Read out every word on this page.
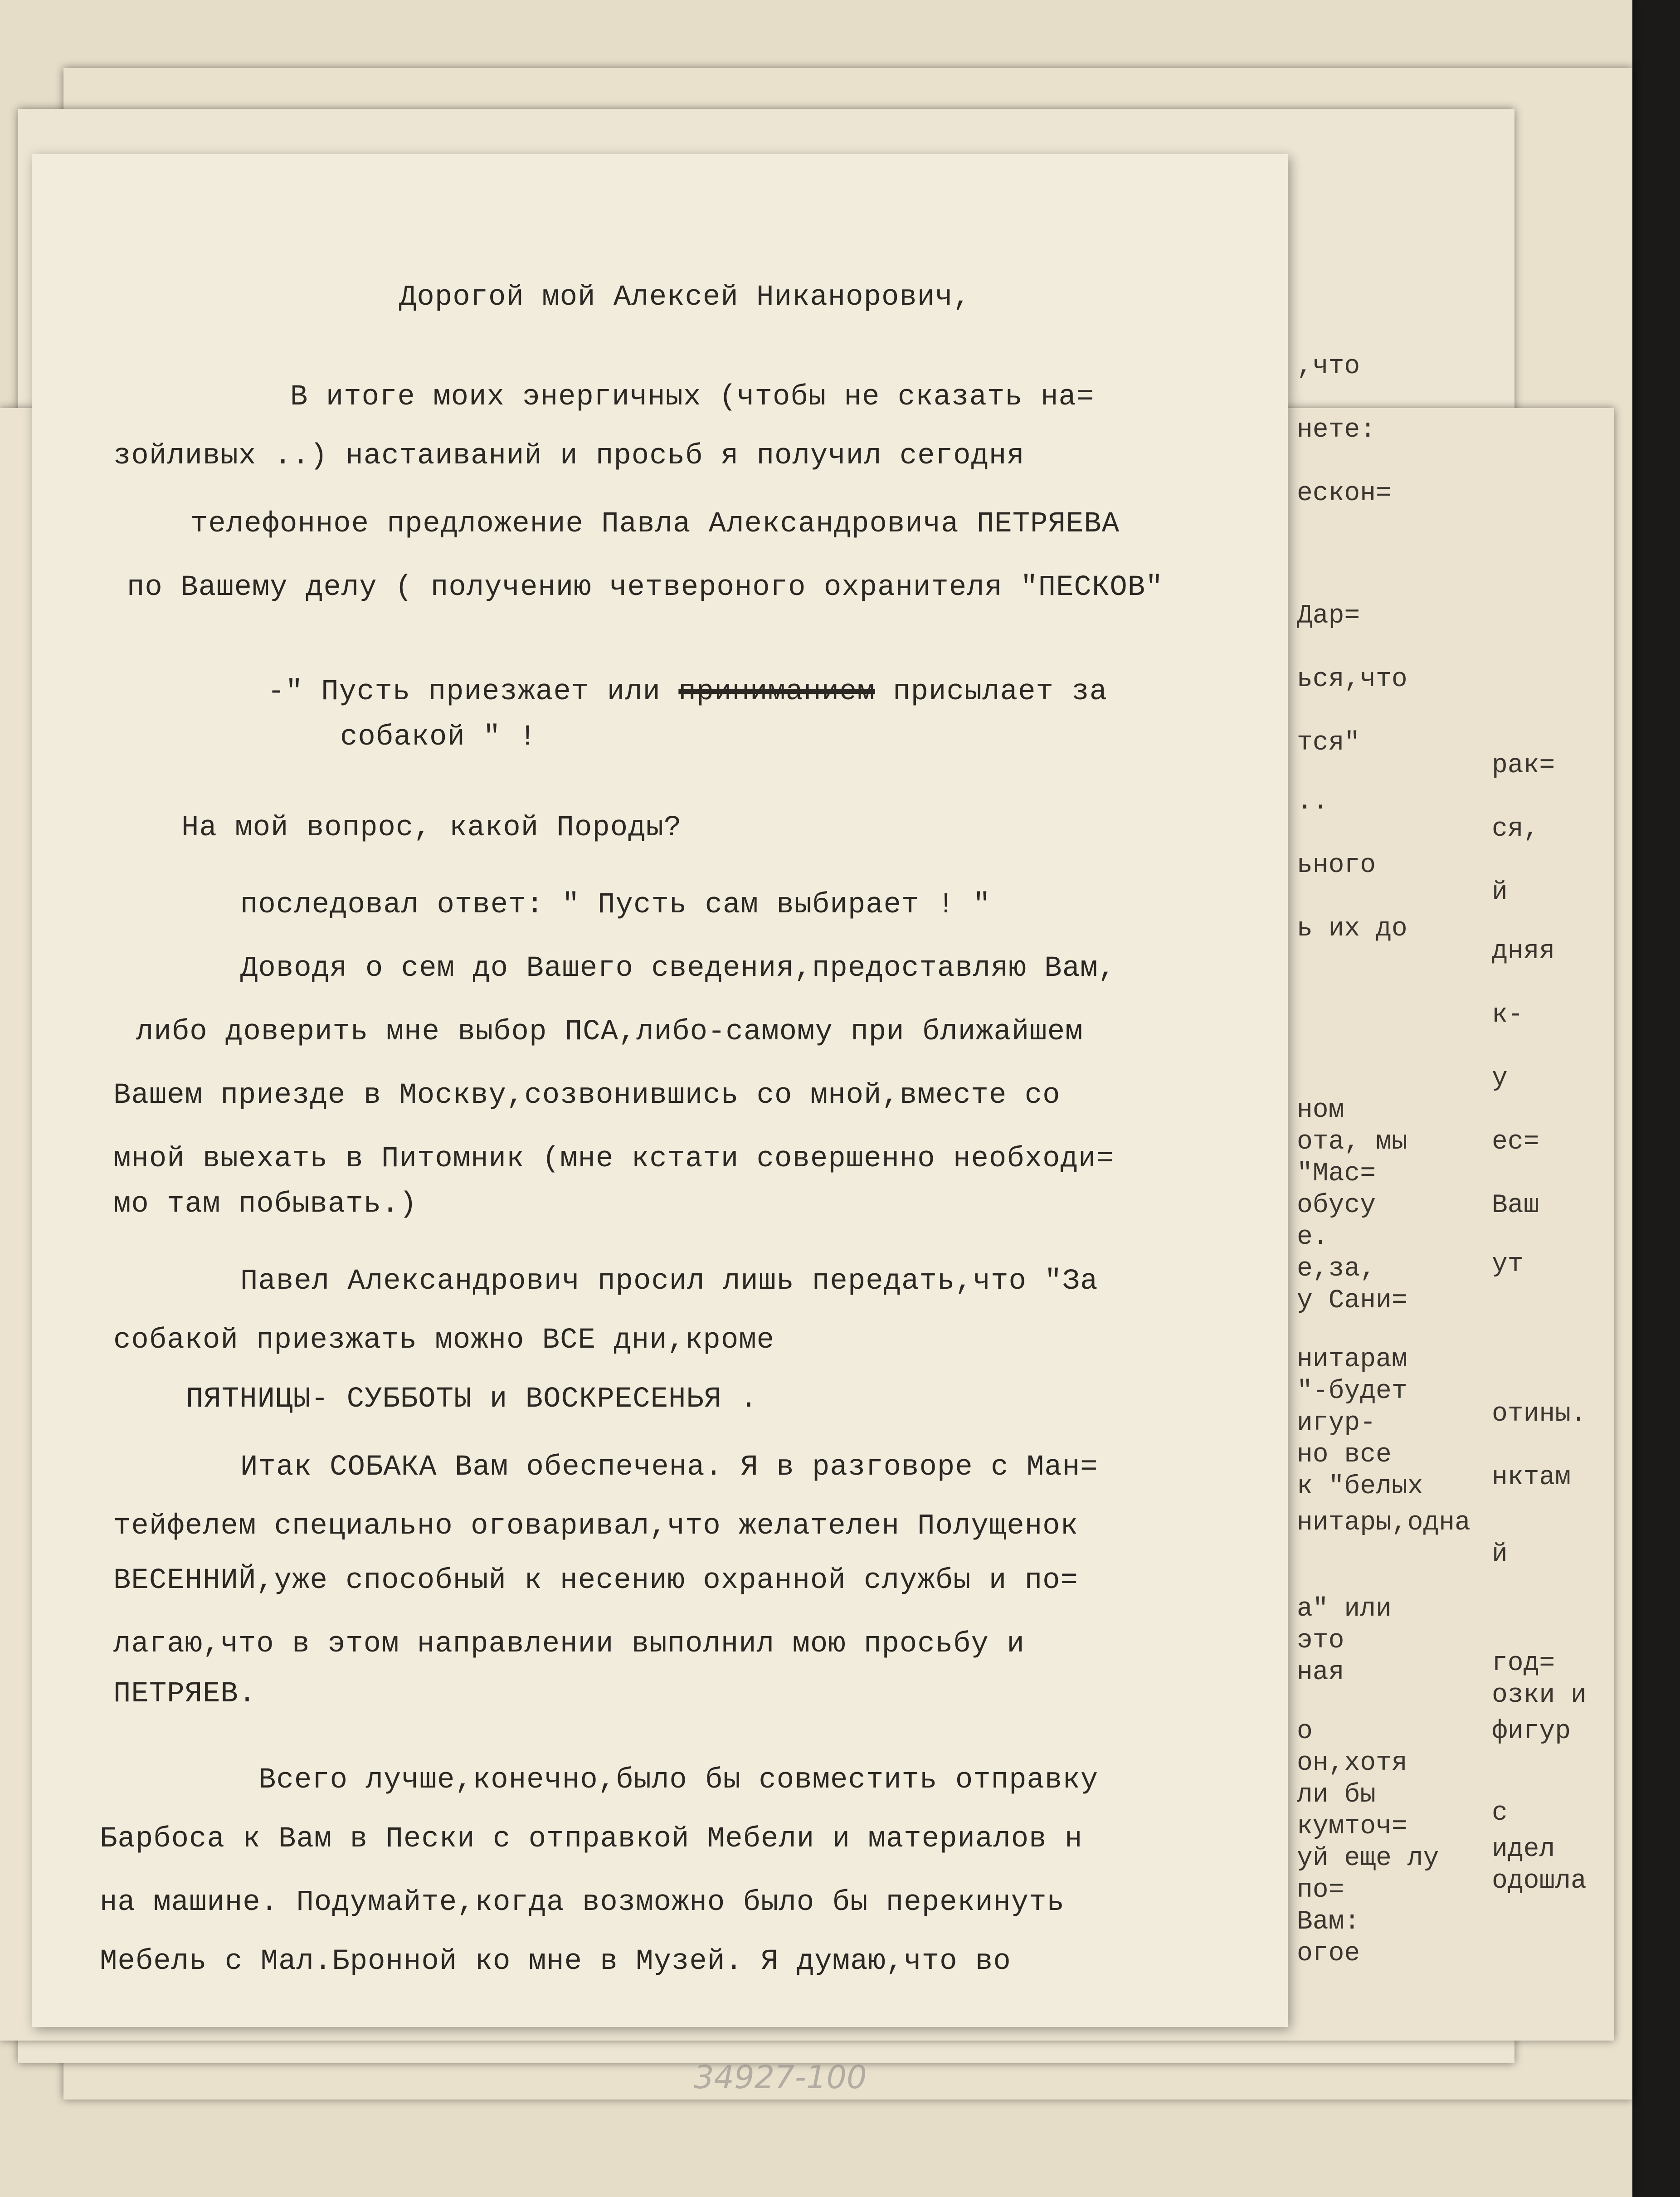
,что
нете:
ескон=
Дар=
ься,что
тся"
..
ьного
ь их до
ном
ота, мы
"Мас=
обусу
е.
е,за,
у Сани=
нитарам
"-будет
игур-
но все
к "белых
нитары,одна
а" или
это
ная
о
он,хотя
ли бы
кумточ=
уй еще лу
по=
Вам:
огое
рак=
ся,
й
дняя
к-
у
ес=
Ваш
ут
отины.
нктам
й
год=
озки и
фигур
с
идел
одошла

Дорогой мой Алексей Никанорович,

В итоге моих энергичных (чтобы не сказать на=

зойливых ..) настаиваний и просьб я получил сегодня

телефонное предложение Павла Александровича ПЕТРЯЕВА

по Вашему делу ( получению четвероного охранителя "ПЕСКОВ"

-" Пусть приезжает или приниманием присылает за

собакой " !

На мой вопрос, какой Породы?

последовал ответ: " Пусть сам выбирает ! "

Доводя о сем до Вашего сведения,предоставляю Вам,

либо доверить мне выбор ПСА,либо-самому при ближайшем

Вашем приезде в Москву,созвонившись со мной,вместе со

мной выехать в Питомник (мне кстати совершенно необходи=

мо там побывать.)

Павел Александрович просил лишь передать,что "За

собакой приезжать можно ВСЕ дни,кроме

ПЯТНИЦЫ- СУББОТЫ и ВОСКРЕСЕНЬЯ .

Итак СОБАКА Вам обеспечена. Я в разговоре с Ман=

тейфелем специально оговаривал,что желателен Полущенок

ВЕСЕННИЙ,уже способный к несению охранной службы и по=

лагаю,что в этом направлении выполнил мою просьбу и

ПЕТРЯЕВ.

Всего лучше,конечно,было бы совместить отправку

Барбоса к Вам в Пески с отправкой Мебели и материалов н

на машине. Подумайте,когда возможно было бы перекинуть

Мебель с Мал.Бронной ко мне в Музей. Я думаю,что во

34927-100
